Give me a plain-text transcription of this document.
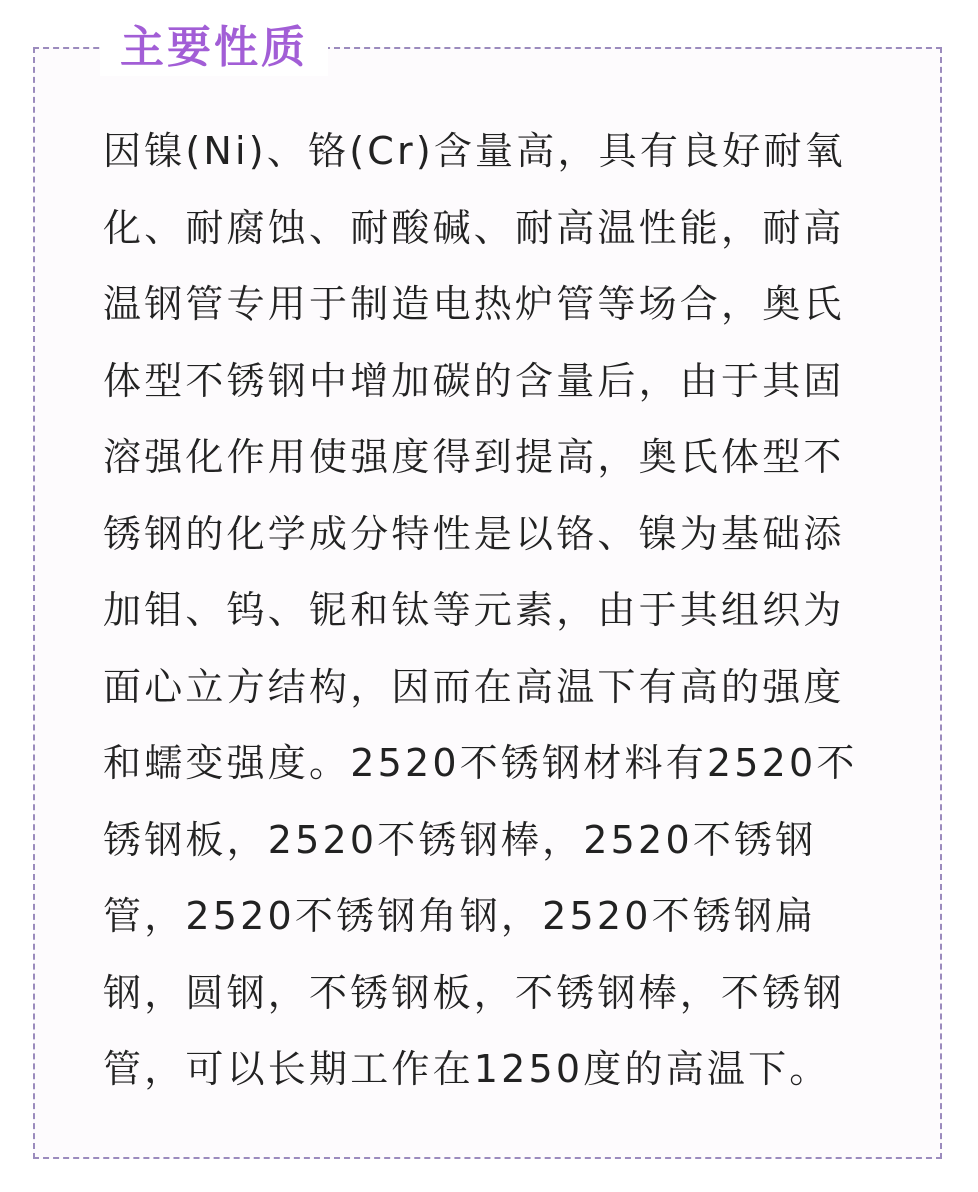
主要性质

因镍(Ni)、铬(Cr)含量高，具有良好耐氧化、耐腐蚀、耐酸碱、耐高温性能，耐高温钢管专用于制造电热炉管等场合，奥氏体型不锈钢中增加碳的含量后，由于其固溶强化作用使强度得到提高，奥氏体型不锈钢的化学成分特性是以铬、镍为基础添加钼、钨、铌和钛等元素，由于其组织为面心立方结构，因而在高温下有高的强度和蠕变强度。2520不锈钢材料有2520不锈钢板，2520不锈钢棒，2520不锈钢管，2520不锈钢角钢，2520不锈钢扁钢，圆钢，不锈钢板，不锈钢棒，不锈钢管，可以长期工作在1250度的高温下。
